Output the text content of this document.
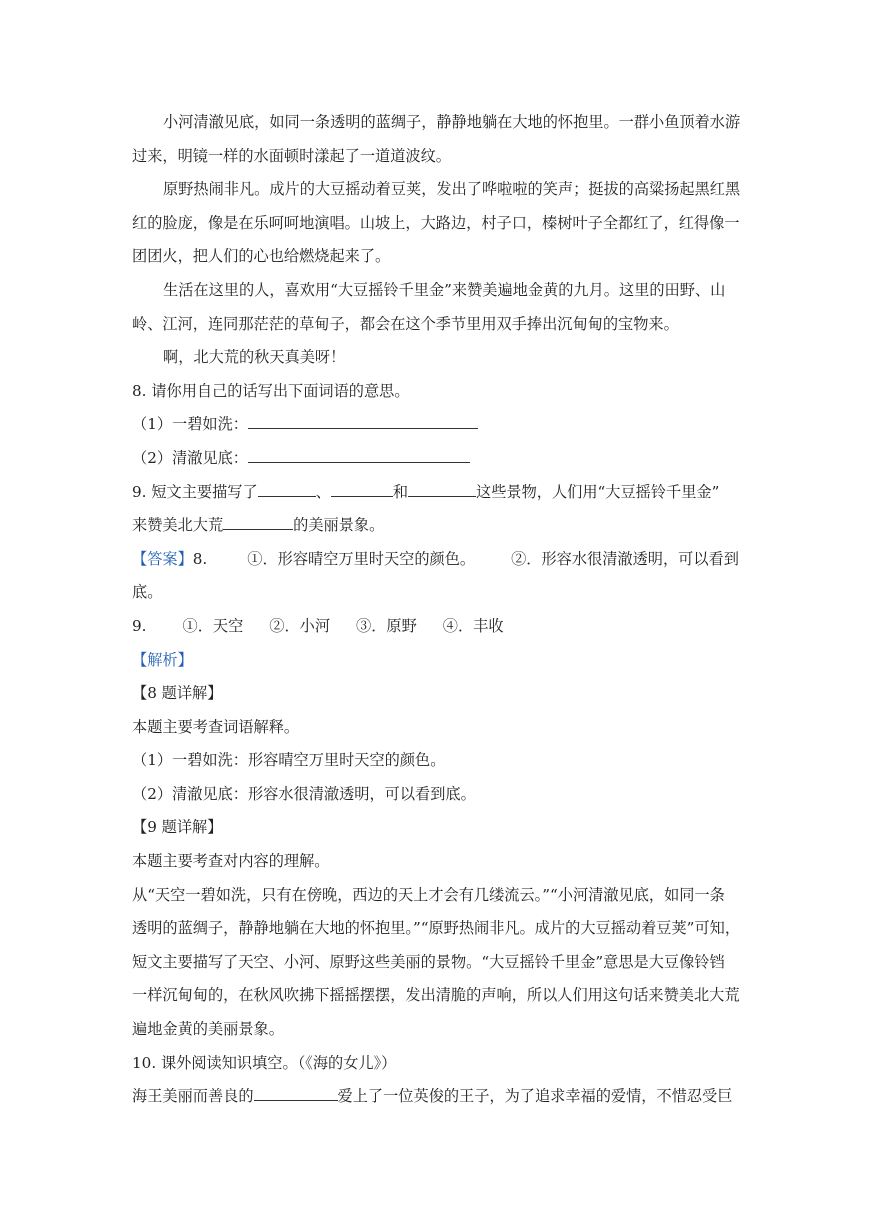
小河清澈见底，如同一条透明的蓝绸子，静静地躺在大地的怀抱里。一群小鱼顶着水游
过来，明镜一样的水面顿时漾起了一道道波纹。
原野热闹非凡。成片的大豆摇动着豆荚，发出了哗啦啦的笑声；挺拔的高粱扬起黑红黑
红的脸庞，像是在乐呵呵地演唱。山坡上，大路边，村子口，榛树叶子全都红了，红得像一
团团火，把人们的心也给燃烧起来了。
生活在这里的人，喜欢用“大豆摇铃千里金”来赞美遍地金黄的九月。这里的田野、山
岭、江河，连同那茫茫的草甸子，都会在这个季节里用双手捧出沉甸甸的宝物来。
啊，北大荒的秋天真美呀！
8. 请你用自己的话写出下面词语的意思。
（1）一碧如洗：
（2）清澈见底：
9. 短文主要描写了	、	和	这些景物，人们用“大豆摇铃千里金”
来赞美北大荒	的美丽景象。
【答案】8.	①．形容晴空万里时天空的颜色。 ②．形容水很清澈透明，可以看到
底。
9. ①．天空 ②．小河 ③．原野 ④．丰收
【解析】
【8 题详解】
本题主要考查词语解释。
（1）一碧如洗：形容晴空万里时天空的颜色。
（2）清澈见底：形容水很清澈透明，可以看到底。
【9 题详解】
本题主要考查对内容的理解。
从“天空一碧如洗，只有在傍晚，西边的天上才会有几缕流云。”“小河清澈见底，如同一条
透明的蓝绸子，静静地躺在大地的怀抱里。”“原野热闹非凡。成片的大豆摇动着豆荚”可知，
短文主要描写了天空、小河、原野这些美丽的景物。“大豆摇铃千里金”意思是大豆像铃铛
一样沉甸甸的，在秋风吹拂下摇摇摆摆，发出清脆的声响，所以人们用这句话来赞美北大荒
遍地金黄的美丽景象。
10. 课外阅读知识填空。（《海的女儿》）
海王美丽而善良的	爱上了一位英俊的王子，为了追求幸福的爱情，不惜忍受巨
